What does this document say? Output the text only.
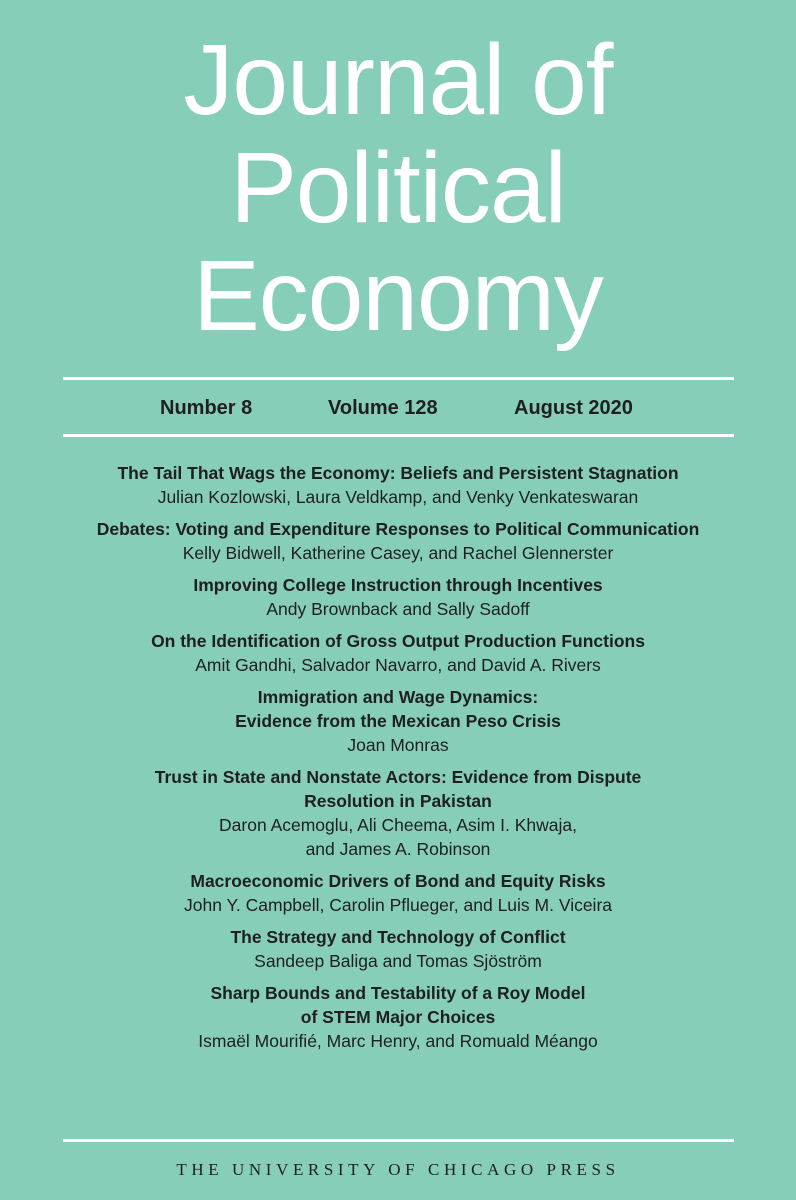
Journal of
Political
Economy
Number 8	Volume 128	August 2020
The Tail That Wags the Economy: Beliefs and Persistent Stagnation
Julian Kozlowski, Laura Veldkamp, and Venky Venkateswaran
Debates: Voting and Expenditure Responses to Political Communication
Kelly Bidwell, Katherine Casey, and Rachel Glennerster
Improving College Instruction through Incentives
Andy Brownback and Sally Sadoff
On the Identification of Gross Output Production Functions
Amit Gandhi, Salvador Navarro, and David A. Rivers
Immigration and Wage Dynamics:
Evidence from the Mexican Peso Crisis
Joan Monras
Trust in State and Nonstate Actors: Evidence from Dispute
Resolution in Pakistan
Daron Acemoglu, Ali Cheema, Asim I. Khwaja,
and James A. Robinson
Macroeconomic Drivers of Bond and Equity Risks
John Y. Campbell, Carolin Pflueger, and Luis M. Viceira
The Strategy and Technology of Conflict
Sandeep Baliga and Tomas Sjöström
Sharp Bounds and Testability of a Roy Model
of STEM Major Choices
Ismaël Mourifié, Marc Henry, and Romuald Méango
THE UNIVERSITY OF CHICAGO PRESS
